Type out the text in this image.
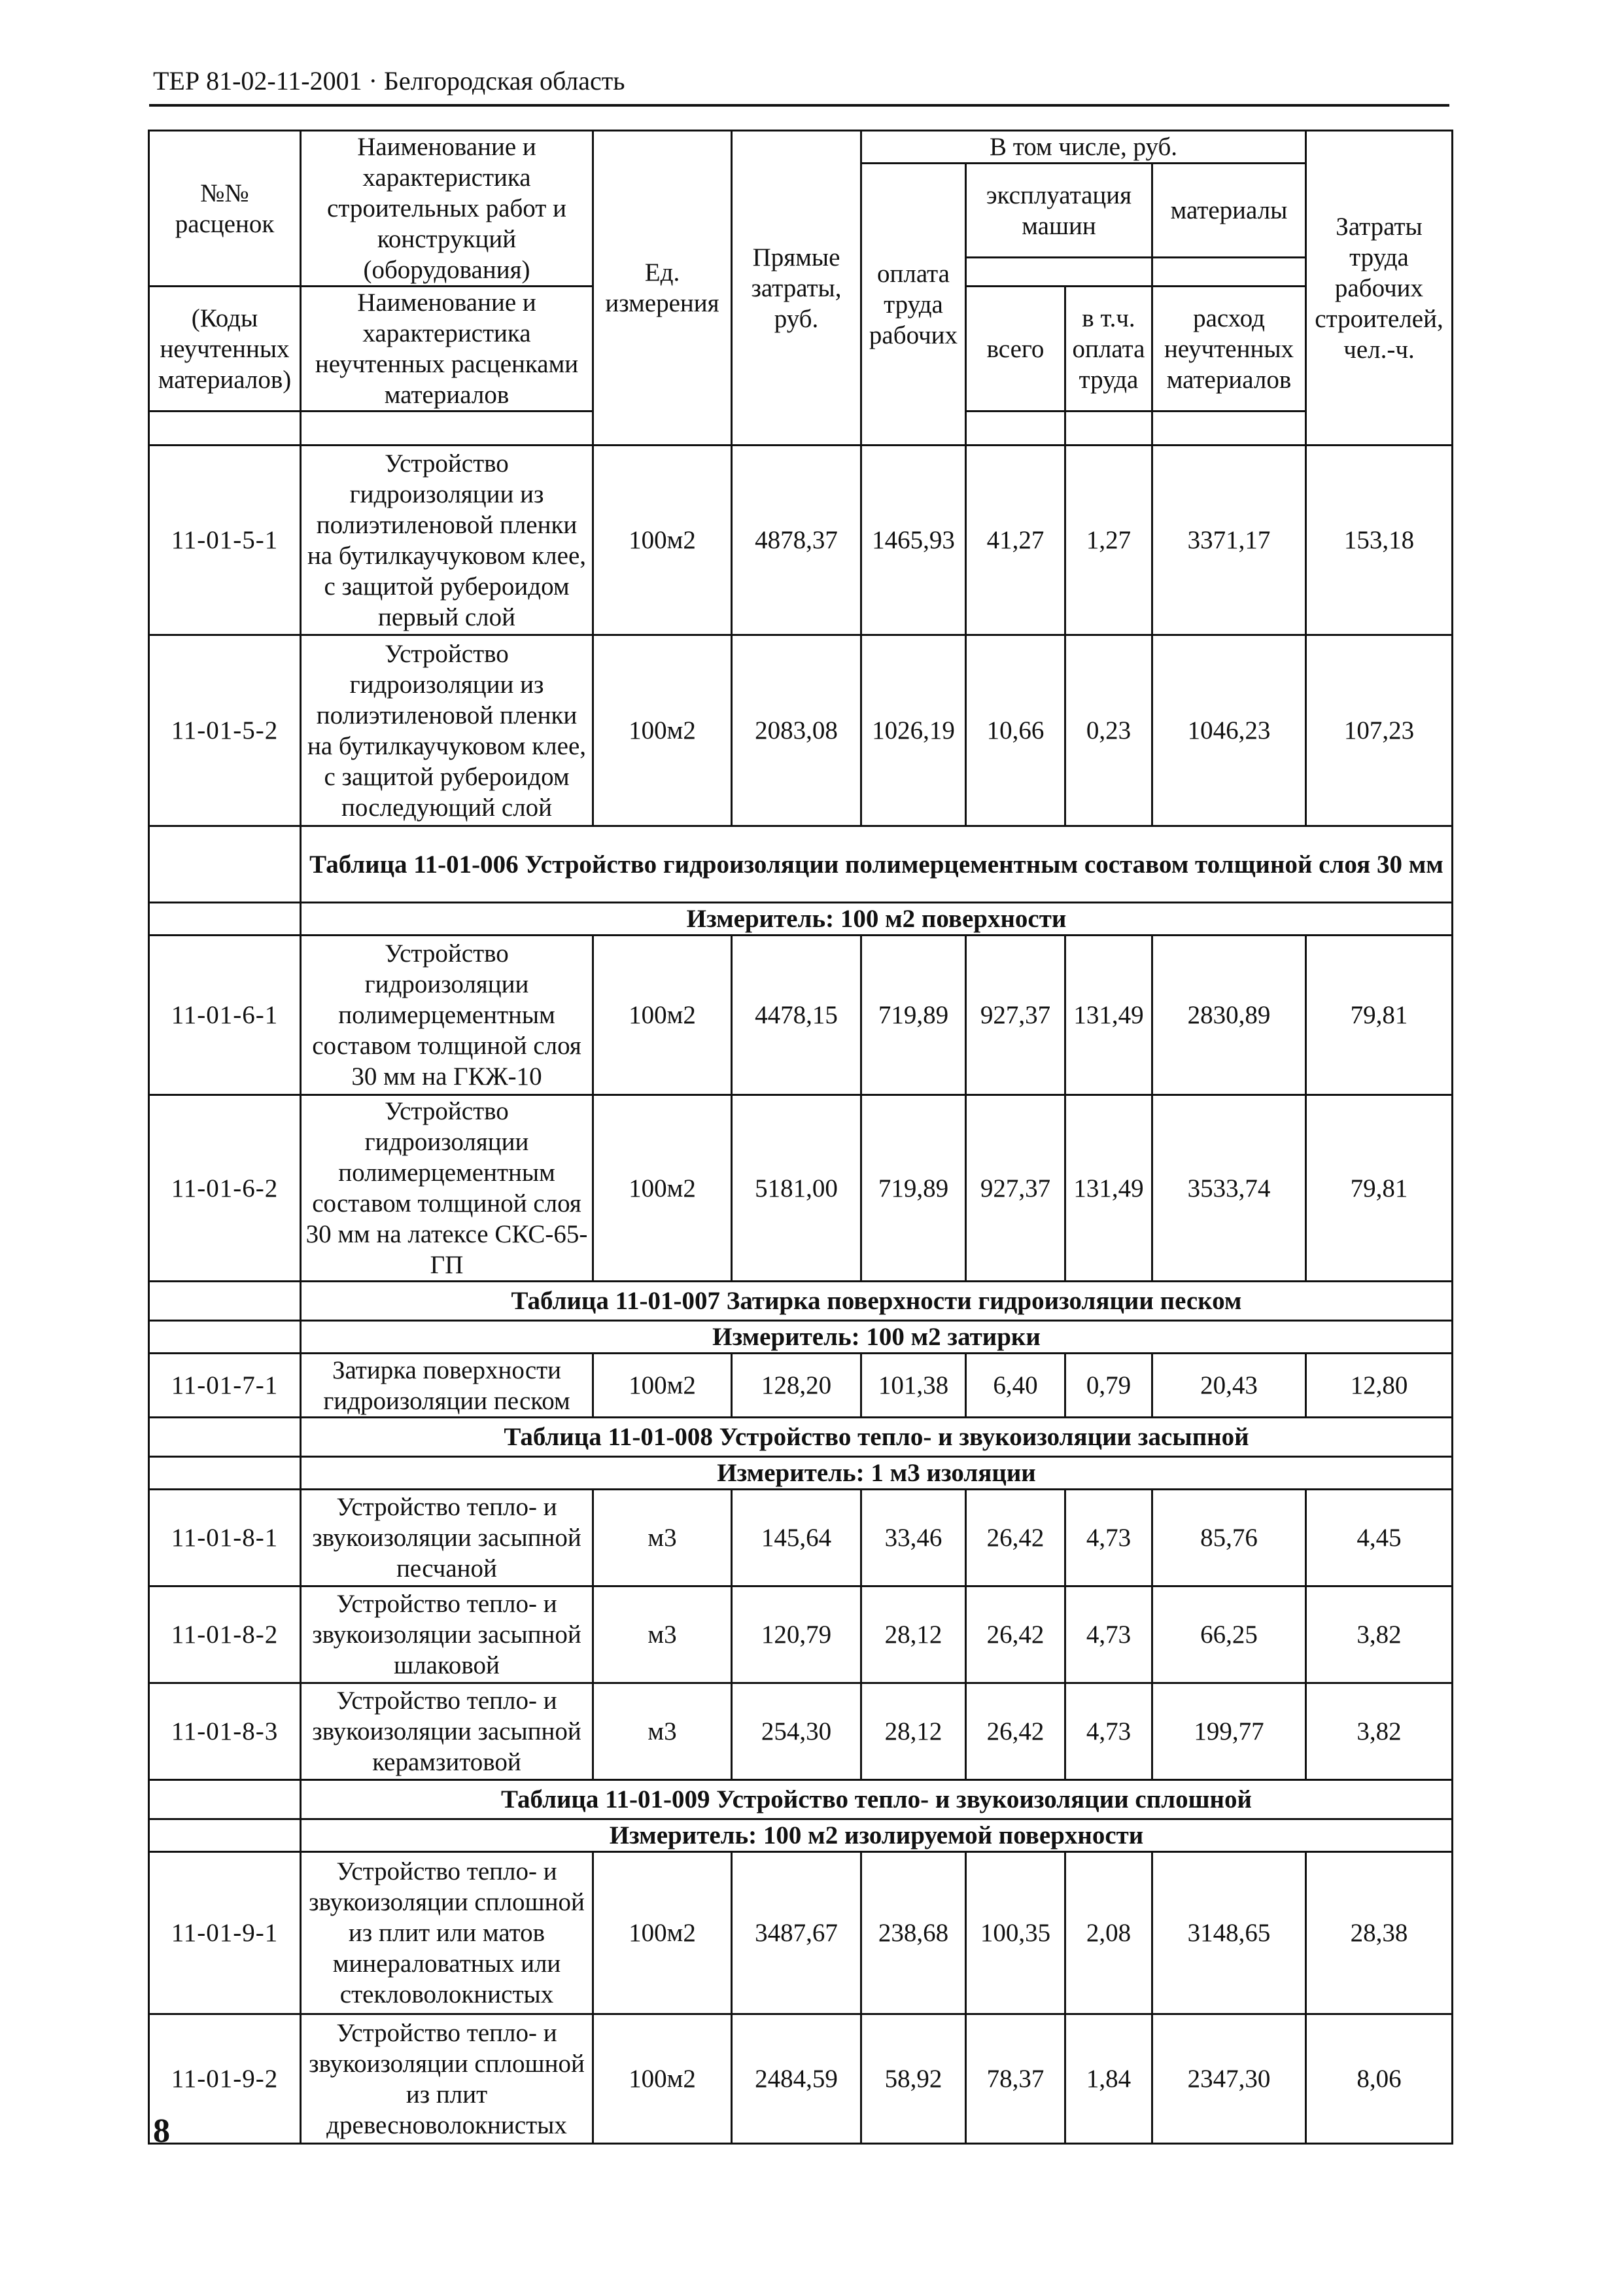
ТЕР 81-02-11-2001 · Белгородская область
№№ расценок	Наименование и характеристика строительных работ и конструкций (оборудования)	Ед. измерения	Прямые затраты, руб.	В том числе, руб.				Затраты труда рабочих строителей, чел.-ч.
				оплата труда рабочих	эксплуатация машин		материалы	

(Коды неучтенных материалов)	Наименование и характеристика неучтенных расценками материалов				всего	в т.ч. оплата труда	расход неучтенных материалов	

11-01-5-1	Устройство гидроизоляции из полиэтиленовой пленки на бутилкаучуковом клее, с защитой рубероидом первый слой	100м2	4878,37	1465,93	41,27	1,27	3371,17	153,18
11-01-5-2	Устройство гидроизоляции из полиэтиленовой пленки на бутилкаучуковом клее, с защитой рубероидом последующий слой	100м2	2083,08	1026,19	10,66	0,23	1046,23	107,23
	Таблица 11-01-006 Устройство гидроизоляции полимерцементным составом толщиной слоя 30 мм							
	Измеритель: 100 м2 поверхности							
11-01-6-1	Устройство гидроизоляции полимерцементным составом толщиной слоя 30 мм на ГКЖ-10	100м2	4478,15	719,89	927,37	131,49	2830,89	79,81
11-01-6-2	Устройство гидроизоляции полимерцементным составом толщиной слоя 30 мм на латексе СКС-65-ГП	100м2	5181,00	719,89	927,37	131,49	3533,74	79,81
	Таблица 11-01-007 Затирка поверхности гидроизоляции песком							
	Измеритель: 100 м2 затирки							
11-01-7-1	Затирка поверхности гидроизоляции песком	100м2	128,20	101,38	6,40	0,79	20,43	12,80
	Таблица 11-01-008 Устройство тепло- и звукоизоляции засыпной							
	Измеритель: 1 м3 изоляции							
11-01-8-1	Устройство тепло- и звукоизоляции засыпной песчаной	м3	145,64	33,46	26,42	4,73	85,76	4,45
11-01-8-2	Устройство тепло- и звукоизоляции засыпной шлаковой	м3	120,79	28,12	26,42	4,73	66,25	3,82
11-01-8-3	Устройство тепло- и звукоизоляции засыпной керамзитовой	м3	254,30	28,12	26,42	4,73	199,77	3,82
	Таблица 11-01-009 Устройство тепло- и звукоизоляции сплошной							
	Измеритель: 100 м2 изолируемой поверхности							
11-01-9-1	Устройство тепло- и звукоизоляции сплошной из плит или матов минераловатных или стекловолокнистых	100м2	3487,67	238,68	100,35	2,08	3148,65	28,38
11-01-9-2	Устройство тепло- и звукоизоляции сплошной из плит древесноволокнистых	100м2	2484,59	58,92	78,37	1,84	2347,30	8,06
8
